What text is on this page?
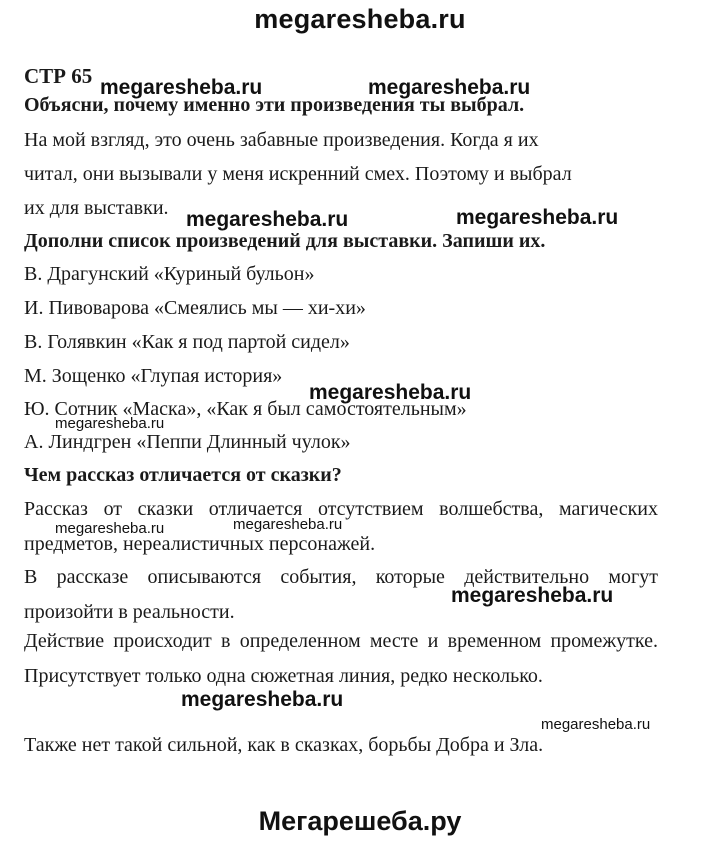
megaresheba.ru
СТР 65
Объясни, почему именно эти произведения ты выбрал.
На мой взгляд, это очень забавные произведения. Когда я их
читал, они вызывали у меня искренний смех. Поэтому и выбрал
их для выставки.
Дополни список произведений для выставки. Запиши их.
В. Драгунский «Куриный бульон»
И. Пивоварова «Смеялись мы — хи-хи»
В. Голявкин «Как я под партой сидел»
М. Зощенко «Глупая история»
Ю. Сотник «Маска», «Как я был самостоятельным»
А. Линдгрен «Пеппи Длинный чулок»
Чем рассказ отличается от сказки?
Рассказ от сказки отличается отсутствием волшебства, магических предметов, нереалистичных персонажей.
В рассказе описываются события, которые действительно могут произойти в реальности.
Действие происходит в определенном месте и временном промежутке. Присутствует только одна сюжетная линия, редко несколько.
Также нет такой сильной, как в сказках, борьбы Добра и Зла.
megaresheba.ru	megaresheba.ru
megaresheba.ru	megaresheba.ru
megaresheba.ru
megaresheba.ru
megaresheba.ru	megaresheba.ru
megaresheba.ru
megaresheba.ru
megaresheba.ru
Мегарешеба.ру
